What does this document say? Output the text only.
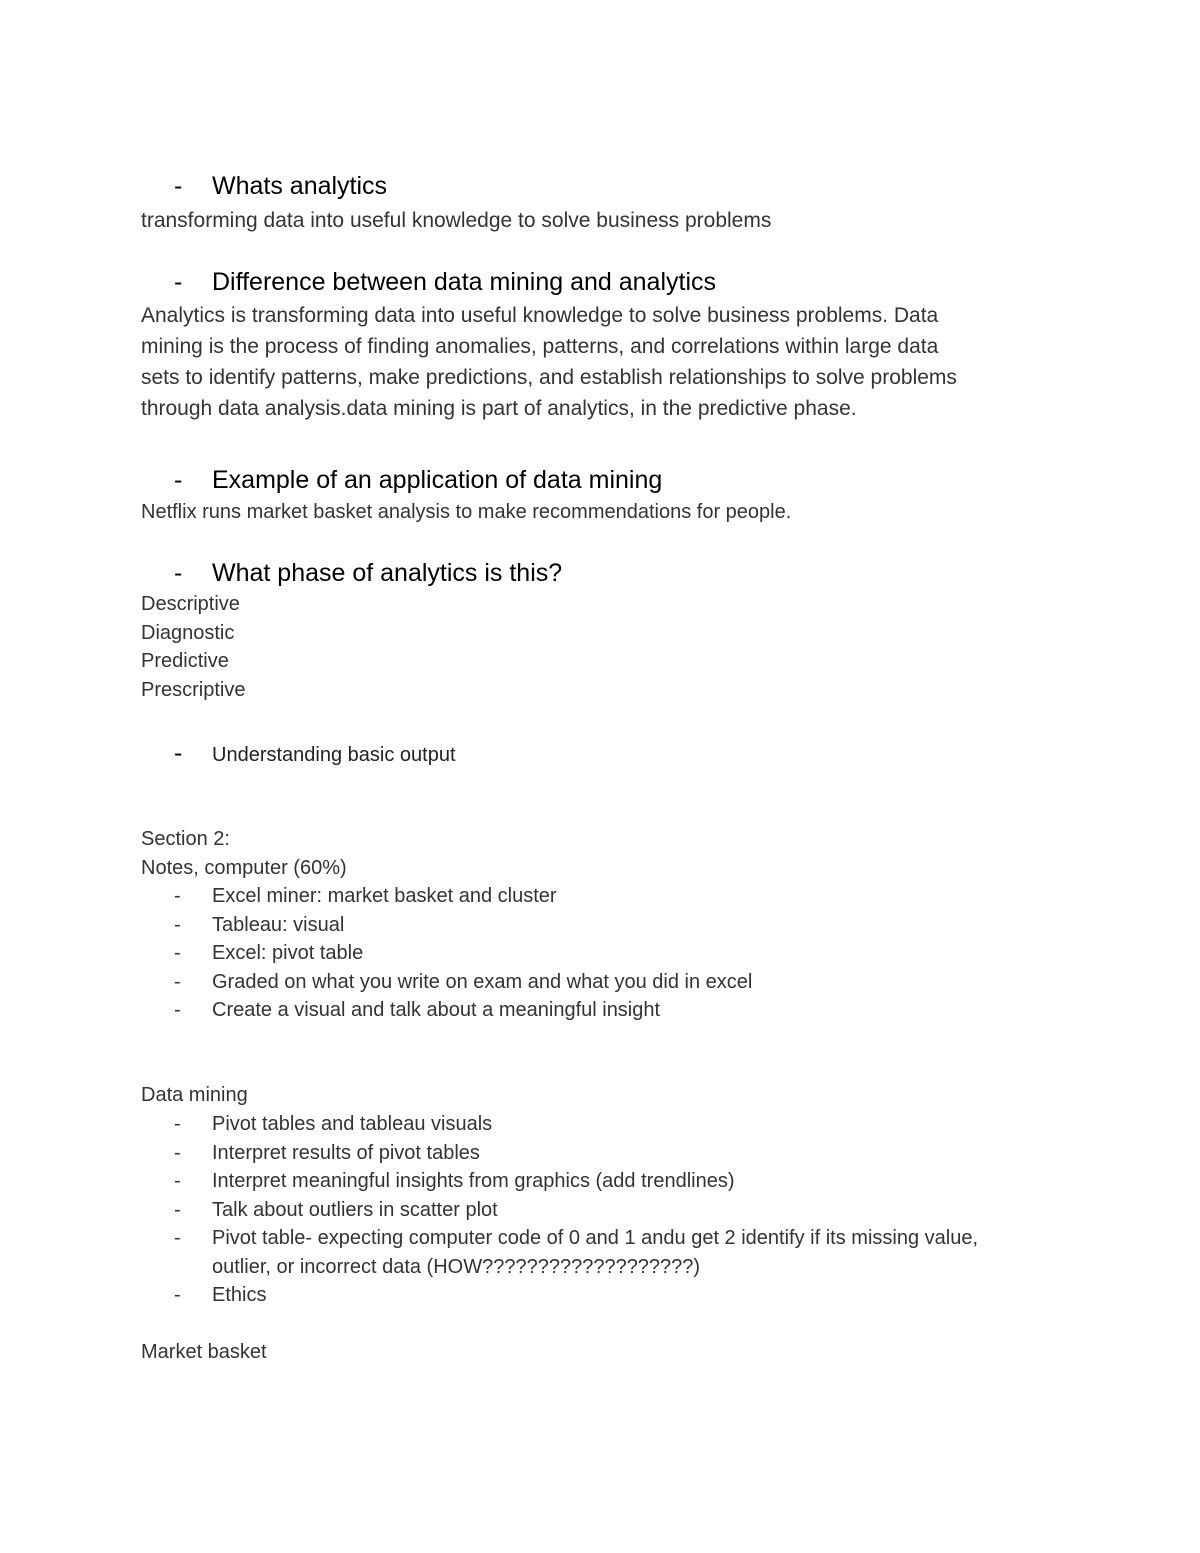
- Whats analytics
transforming data into useful knowledge to solve business problems
- Difference between data mining and analytics
Analytics is transforming data into useful knowledge to solve business problems. Data
mining is the process of finding anomalies, patterns, and correlations within large data
sets to identify patterns, make predictions, and establish relationships to solve problems
through data analysis.data mining is part of analytics, in the predictive phase.
- Example of an application of data mining
Netflix runs market basket analysis to make recommendations for people.
- What phase of analytics is this?
Descriptive
Diagnostic
Predictive
Prescriptive
- Understanding basic output
Section 2:
Notes, computer (60%)
- Excel miner: market basket and cluster
- Tableau: visual
- Excel: pivot table
- Graded on what you write on exam and what you did in excel
- Create a visual and talk about a meaningful insight
Data mining
- Pivot tables and tableau visuals
- Interpret results of pivot tables
- Interpret meaningful insights from graphics (add trendlines)
- Talk about outliers in scatter plot
- Pivot table- expecting computer code of 0 and 1 andu get 2 identify if its missing value,
outlier, or incorrect data (HOW???????????????????)
- Ethics
Market basket
